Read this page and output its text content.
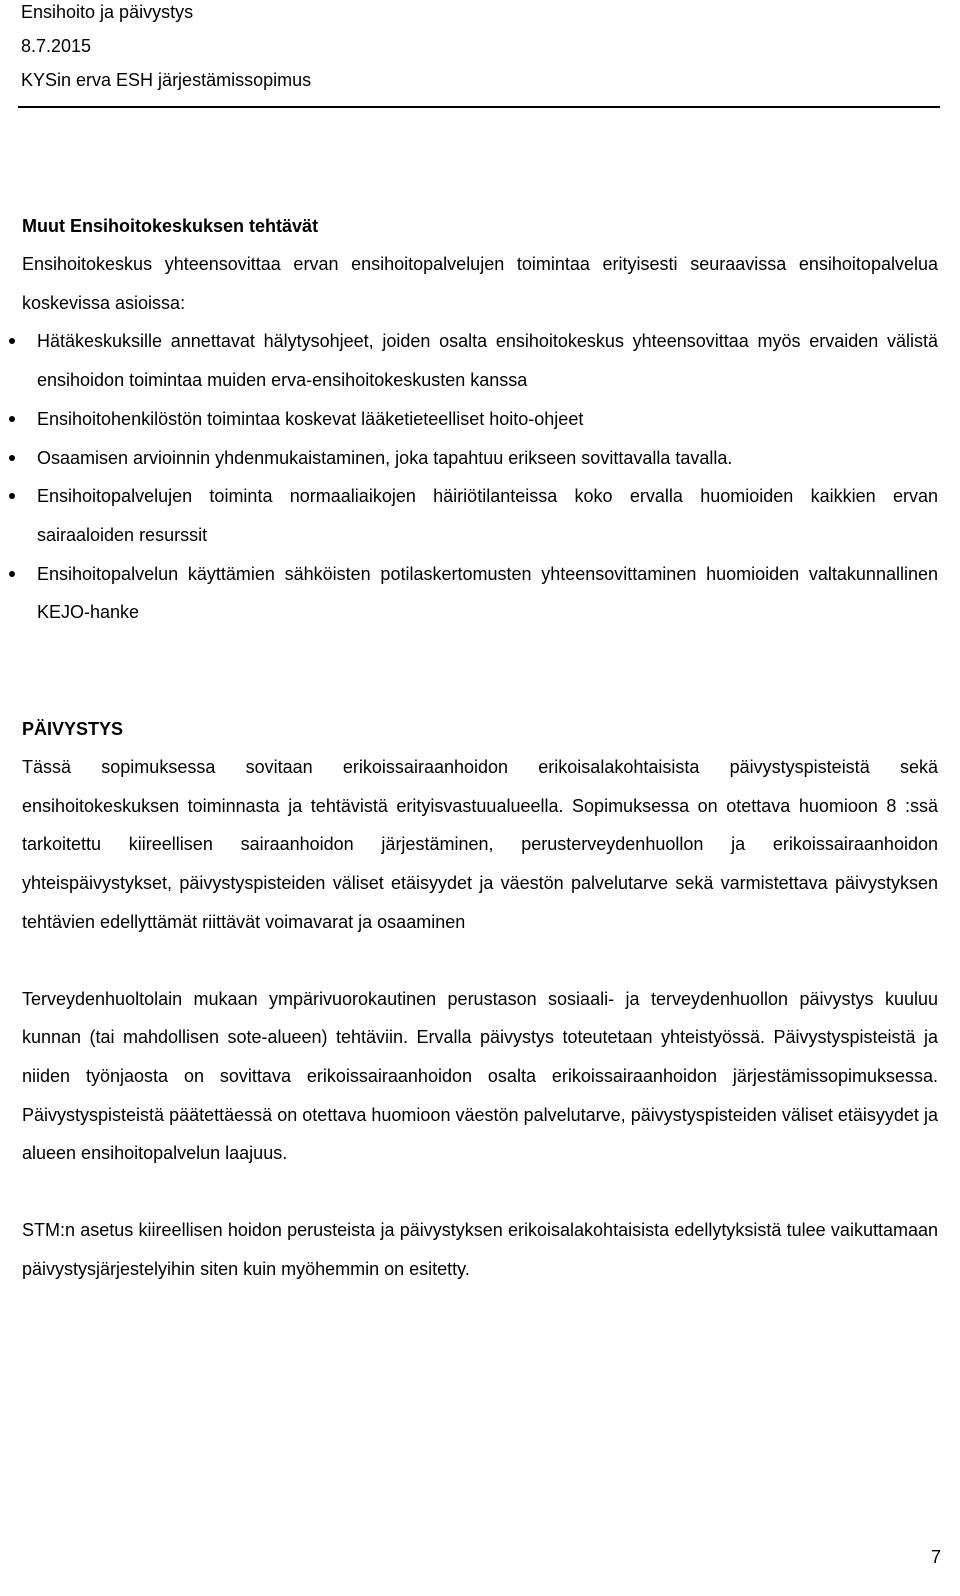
Ensihoito ja päivystys
8.7.2015
KYSin erva ESH järjestämissopimus
Muut Ensihoitokeskuksen tehtävät

Ensihoitokeskus yhteensovittaa ervan ensihoitopalvelujen toimintaa erityisesti seuraavissa ensihoitopalvelua koskevissa asioissa:

Hätäkeskuksille annettavat hälytysohjeet, joiden osalta ensihoitokeskus yhteensovittaa myös ervaiden välistä ensihoidon toimintaa muiden erva-ensihoitokeskusten kanssa
Ensihoitohenkilöstön toimintaa koskevat lääketieteelliset hoito-ohjeet
Osaamisen arvioinnin yhdenmukaistaminen, joka tapahtuu erikseen sovittavalla tavalla.
Ensihoitopalvelujen toiminta normaaliaikojen häiriötilanteissa koko ervalla huomioiden kaikkien ervan sairaaloiden resurssit
Ensihoitopalvelun käyttämien sähköisten potilaskertomusten yhteensovittaminen huomioiden valtakunnallinen KEJO-hanke
PÄIVYSTYS

Tässä sopimuksessa sovitaan erikoissairaanhoidon erikoisalakohtaisista päivystyspisteistä sekä ensihoitokeskuksen toiminnasta ja tehtävistä erityisvastuualueella. Sopimuksessa on otettava huomioon 8 :ssä tarkoitettu kiireellisen sairaanhoidon järjestäminen, perusterveydenhuollon ja erikoissairaanhoidon yhteispäivystykset, päivystyspisteiden väliset etäisyydet ja väestön palvelutarve sekä varmistettava päivystyksen tehtävien edellyttämät riittävät voimavarat ja osaaminen

Terveydenhuoltolain mukaan ympärivuorokautinen perustason sosiaali- ja terveydenhuollon päivystys kuuluu kunnan (tai mahdollisen sote-alueen) tehtäviin. Ervalla päivystys toteutetaan yhteistyössä. Päivystyspisteistä ja niiden työnjaosta on sovittava erikoissairaanhoidon osalta erikoissairaanhoidon järjestämissopimuksessa. Päivystyspisteistä päätettäessä on otettava huomioon väestön palvelutarve, päivystyspisteiden väliset etäisyydet ja alueen ensihoitopalvelun laajuus.

STM:n asetus kiireellisen hoidon perusteista ja päivystyksen erikoisalakohtaisista edellytyksistä tulee vaikuttamaan päivystysjärjestelyihin siten kuin myöhemmin on esitetty.

7
